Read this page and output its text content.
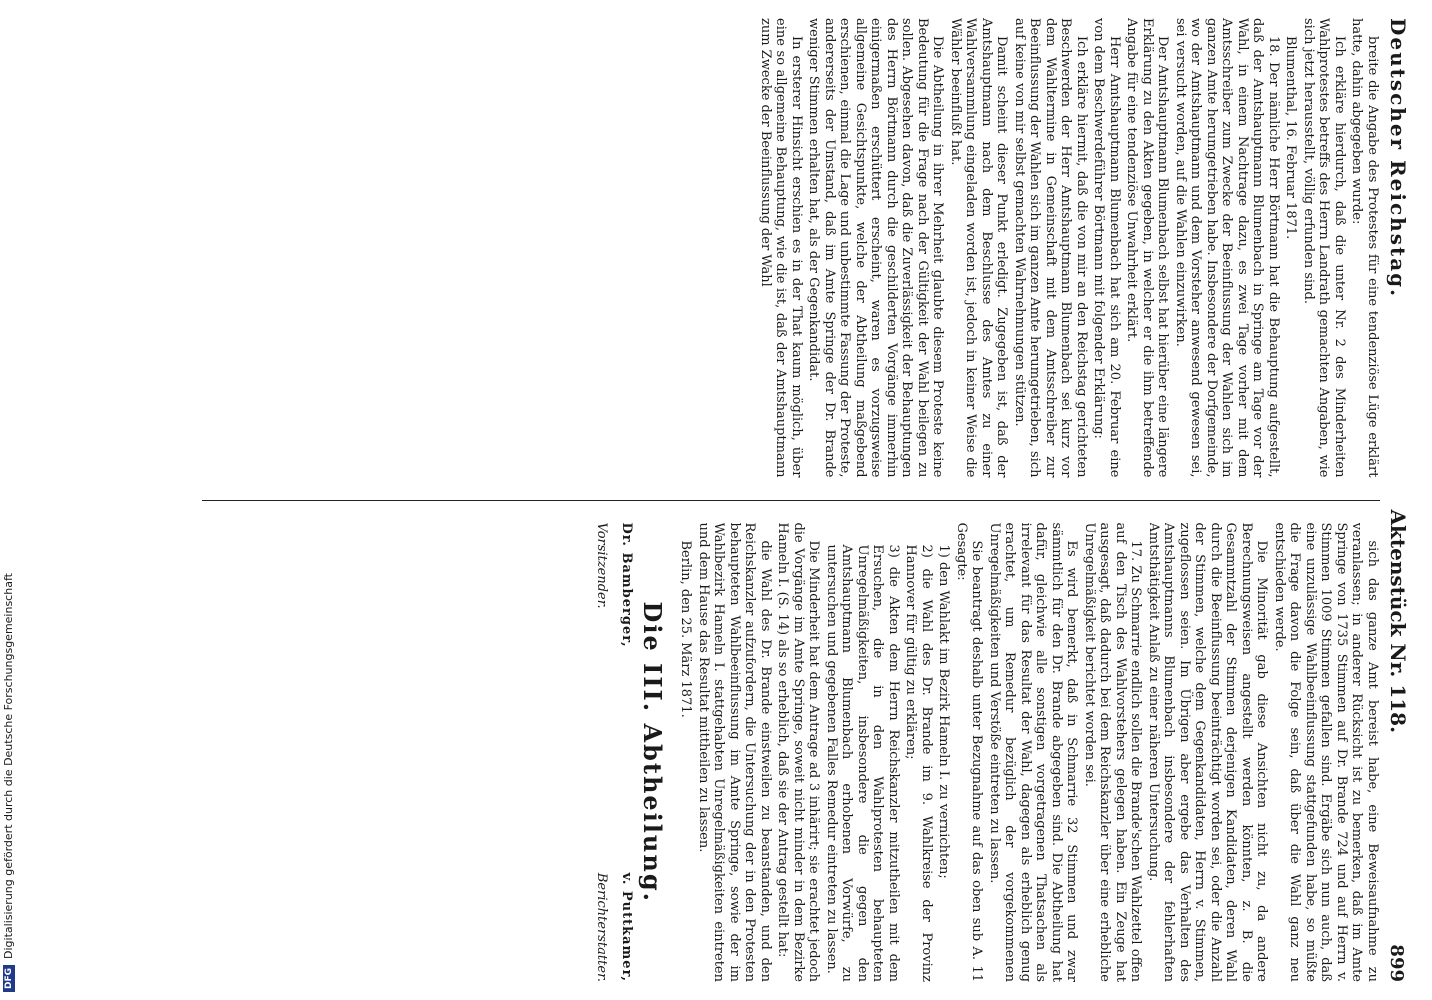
DFG
Digitalisierung gefördert durch die Deutsche Forschungsgemeinschaft
Deutscher Reichstag.
Aktenstück Nr. 118.
899

breite die Angabe des Protestes für eine tendenziöse Lüge erklärt hatte, dahin abgegeben wurde:

Ich erkläre hierdurch, daß die unter Nr. 2 des Minderheiten Wahlprotestes betreffs des Herrn Landrath gemachten Angaben, wie sich jetzt herausstellt, völlig erfunden sind.

Blumenthal, 16. Februar 1871.

18. Der nämliche Herr Börtmann hat die Behauptung aufgestellt, daß der Amtshauptmann Blumenbach in Springe am Tage vor der Wahl, in einem Nachtrage dazu, es zwei Tage vorher mit dem Amtsschreiber zum Zwecke der Beeinflussung der Wahlen sich im ganzen Amte herumgetrieben habe. Insbesondere der Dorfgemeinde, wo der Amtshauptmann und dem Vorsteher anwesend gewesen sei, sei versucht worden, auf die Wahlen einzuwirken.

Der Amtshauptmann Blumenbach selbst hat hierüber eine längere Erklärung zu den Akten gegeben, in welcher er die ihm betreffende Angabe für eine tendenziöse Unwahrheit erklärt.

Herr Amtshauptmann Blumenbach hat sich am 20. Februar eine von dem Beschwerdeführer Börtmann mit folgender Erklärung:

Ich erkläre hiermit, daß die von mir an den Reichstag gerichteten Beschwerden der Herr Amtshauptmann Blumenbach sei kurz vor dem Wahltermine in Gemeinschaft mit dem Amtsschreiber zur Beeinflussung der Wahlen sich im ganzen Amte herumgetrieben, sich auf keine von mir selbst gemachten Wahrnehmungen stützen.

Damit scheint dieser Punkt erledigt. Zugegeben ist, daß der Amtshauptmann nach dem Beschlusse des Amtes zu einer Wahlversammlung eingeladen worden ist, jedoch in keiner Weise die Wähler beeinflußt hat.

Die Abtheilung in ihrer Mehrheit glaubte diesem Proteste keine Bedeutung für die Frage nach der Gültigkeit der Wahl beilegen zu sollen. Abgesehen davon, daß die Zuverlässigkeit der Behauptungen des Herrn Börtmann durch die geschilderten Vorgänge immerhin einigermaßen erschüttert erscheint, waren es vorzugsweise allgemeine Gesichtspunkte, welche der Abtheilung maßgebend erschienen, einmal die Lage und unbestimmte Fassung der Proteste, andererseits der Umstand, daß im Amte Springe der Dr. Brande weniger Stimmen erhalten hat, als der Gegenkandidat.

In ersterer Hinsicht erschien es in der That kaum möglich, über eine so allgemeine Behauptung, wie die ist, daß der Amtshauptmann zum Zwecke der Beeinflussung der Wahl

sich das ganze Amt bereist habe, eine Beweisaufnahme zu veranlassen; in anderer Rücksicht ist zu bemerken, daß im Amte Springe von 1735 Stimmen auf Dr. Brande 724 und auf Herrn v. Stimmen 1009 Stimmen gefallen sind. Ergäbe sich nun auch, daß eine unzulässige Wahlbeeinflussung stattgefunden habe, so müßte die Frage davon die Folge sein, daß über die Wahl ganz neu entschieden werde.

Die Minorität gab diese Ansichten nicht zu, da andere Berechnungsweisen angestellt werden könnten, z. B. die Gesammtzahl der Stimmen derjenigen Kandidaten, deren Wahl durch die Beeinflussung beeinträchtigt worden sei, oder die Anzahl der Stimmen, welche dem Gegenkandidaten, Herrn v. Stimmen, zugeflossen seien. Im Übrigen aber ergebe das Verhalten des Amtshauptmanns Blumenbach insbesondere der fehlerhaften Amtsthätigkeit Anlaß zu einer näheren Untersuchung.

17. Zu Schmarrie endlich sollen die Brande'schen Wahlzettel offen auf den Tisch des Wahlvorstehers gelegen haben. Ein Zeuge hat ausgesagt, daß dadurch bei dem Reichskanzler über eine erhebliche Unregelmäßigkeit berichtet worden sei.

Es wird bemerkt, daß in Schmarrie 32 Stimmen und zwar sämmtlich für den Dr. Brande abgegeben sind. Die Abtheilung hat dafür, gleichwie alle sonstigen vorgetragenen Thatsachen als irrelevant für das Resultat der Wahl, dagegen als erheblich genug erachtet, um Remedur bezüglich der vorgekommenen Unregelmäßigkeiten und Verstöße eintreten zu lassen.

Sie beantragt deshalb unter Bezugnahme auf das oben sub A. 11 Gesagte:

1) den Wahlakt im Bezirk Hameln I. zu vernichten;

2) die Wahl des Dr. Brande im 9. Wahlkreise der Provinz Hannover für gültig zu erklären;

3) die Akten dem Herrn Reichskanzler mitzutheilen mit dem Ersuchen, die in den Wahlprotesten behaupteten Unregelmäßigkeiten, insbesondere die gegen den Amtshauptmann Blumenbach erhobenen Vorwürfe, zu untersuchen und gegebenen Falles Remedur eintreten zu lassen.

Die Minderheit hat dem Antrage ad 3 inhärirt; sie erachtet jedoch die Vorgänge im Amte Springe, soweit nicht minder in dem Bezirke Hameln I. (S. 14) als so erheblich, daß sie der Antrag gestellt hat:

die Wahl des Dr. Brande einstweilen zu beanstanden, und den Reichskanzler aufzufordern, die Untersuchung der in den Protesten behaupteten Wahlbeeinflussung im Amte Springe, sowie der im Wahlbezirk Hameln I. stattgehabten Unregelmäßigkeiten eintreten und dem Hause das Resultat mittheilen zu lassen.

Berlin, den 25. März 1871.

Die III. Abtheilung.
Dr. Bamberger,
v. Puttkamer,
Vorsitzender.
Berichterstatter.
